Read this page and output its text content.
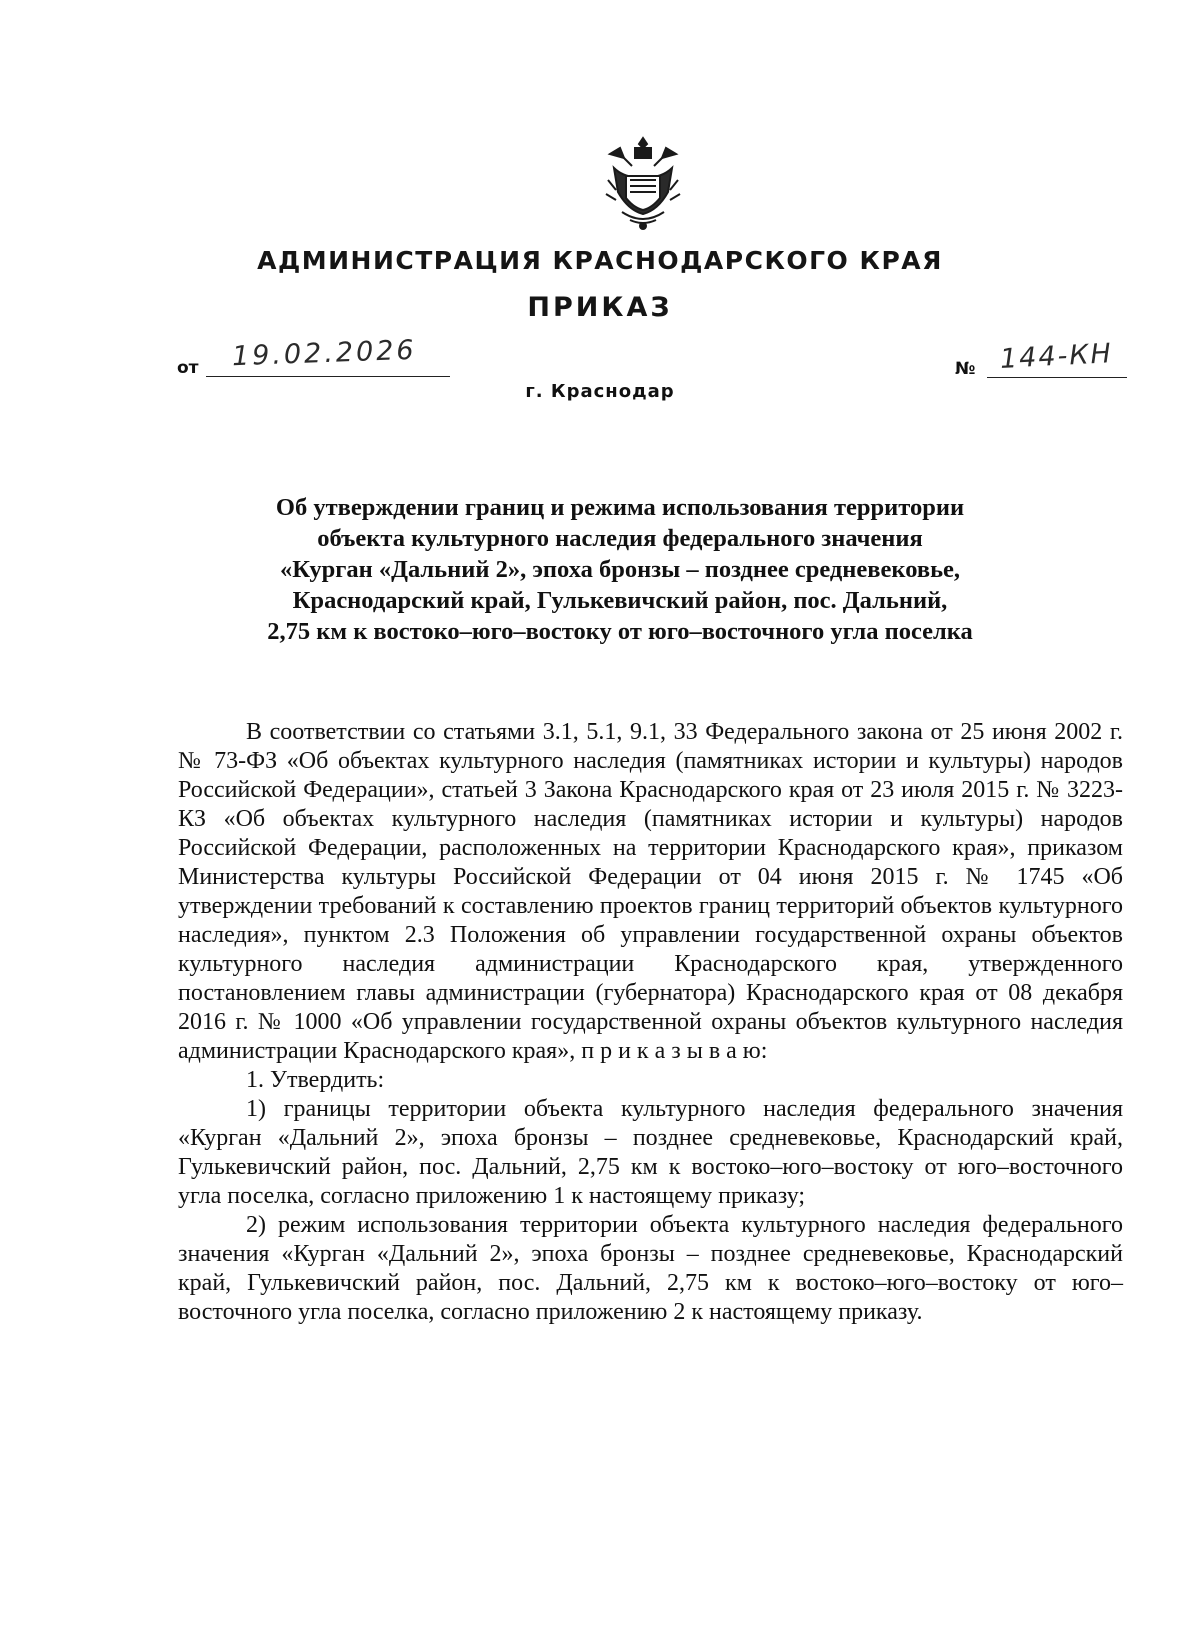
АДМИНИСТРАЦИЯ КРАСНОДАРСКОГО КРАЯ
ПРИКАЗ
от 19.02.2026	№ 144-КН
г. Краснодар
Об утверждении границ и режима использования территории
объекта культурного наследия федерального значения
«Курган «Дальний 2», эпоха бронзы – позднее средневековье,
Краснодарский край, Гулькевичский район, пос. Дальний,
2,75 км к востоко–юго–востоку от юго–восточного угла поселка

В соответствии со статьями 3.1, 5.1, 9.1, 33 Федерального закона от 25 июня 2002 г. № 73-ФЗ «Об объектах культурного наследия (памятниках истории и культуры) народов Российской Федерации», статьей 3 Закона Краснодарского края от 23 июля 2015 г. № 3223-КЗ «Об объектах культурного наследия (памятниках истории и культуры) народов Российской Федерации, расположенных на территории Краснодарского края», приказом Министерства культуры Российской Федерации от 04 июня 2015 г. № 1745 «Об утверждении требований к составлению проектов границ территорий объектов культурного наследия», пунктом 2.3 Положения об управлении государственной охраны объектов культурного наследия администрации Краснодарского края, утвержденного постановлением главы администрации (губернатора) Краснодарского края от 08 декабря 2016 г. № 1000 «Об управлении государственной охраны объектов культурного наследия администрации Краснодарского края», п р и к а з ы в а ю:

1. Утвердить:

1) границы территории объекта культурного наследия федерального значения «Курган «Дальний 2», эпоха бронзы – позднее средневековье, Краснодарский край, Гулькевичский район, пос. Дальний, 2,75 км к востоко–юго–востоку от юго–восточного угла поселка, согласно приложению 1 к настоящему приказу;

2) режим использования территории объекта культурного наследия федерального значения «Курган «Дальний 2», эпоха бронзы – позднее средневековье, Краснодарский край, Гулькевичский район, пос. Дальний, 2,75 км к востоко–юго–востоку от юго–восточного угла поселка, согласно приложению 2 к настоящему приказу.
